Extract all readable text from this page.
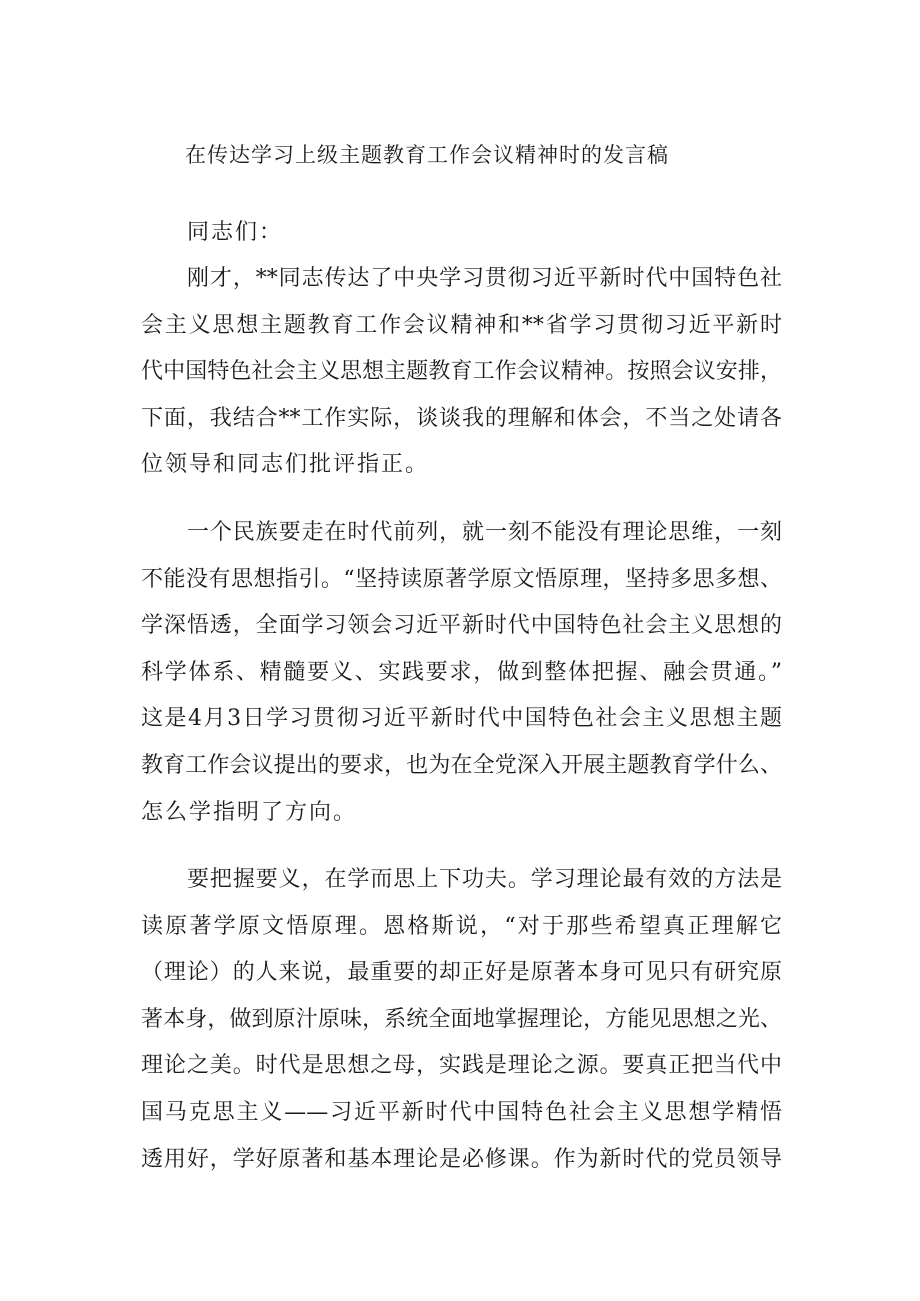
在传达学习上级主题教育工作会议精神时的发言稿
同志们：
刚才，**同志传达了中央学习贯彻习近平新时代中国特色社
会主义思想主题教育工作会议精神和**省学习贯彻习近平新时
代中国特色社会主义思想主题教育工作会议精神。按照会议安排，
下面，我结合**工作实际，谈谈我的理解和体会，不当之处请各
位领导和同志们批评指正。
一个民族要走在时代前列，就一刻不能没有理论思维，一刻
不能没有思想指引。“坚持读原著学原文悟原理，坚持多思多想、
学深悟透，全面学习领会习近平新时代中国特色社会主义思想的
科学体系、精髓要义、实践要求，做到整体把握、融会贯通。”
这是4月3日学习贯彻习近平新时代中国特色社会主义思想主题
教育工作会议提出的要求，也为在全党深入开展主题教育学什么、
怎么学指明了方向。
要把握要义，在学而思上下功夫。学习理论最有效的方法是
读原著学原文悟原理。恩格斯说，“对于那些希望真正理解它
（理论）的人来说，最重要的却正好是原著本身可见只有研究原
著本身，做到原汁原味，系统全面地掌握理论，方能见思想之光、
理论之美。时代是思想之母，实践是理论之源。要真正把当代中
国马克思主义——习近平新时代中国特色社会主义思想学精悟
透用好，学好原著和基本理论是必修课。作为新时代的党员领导
